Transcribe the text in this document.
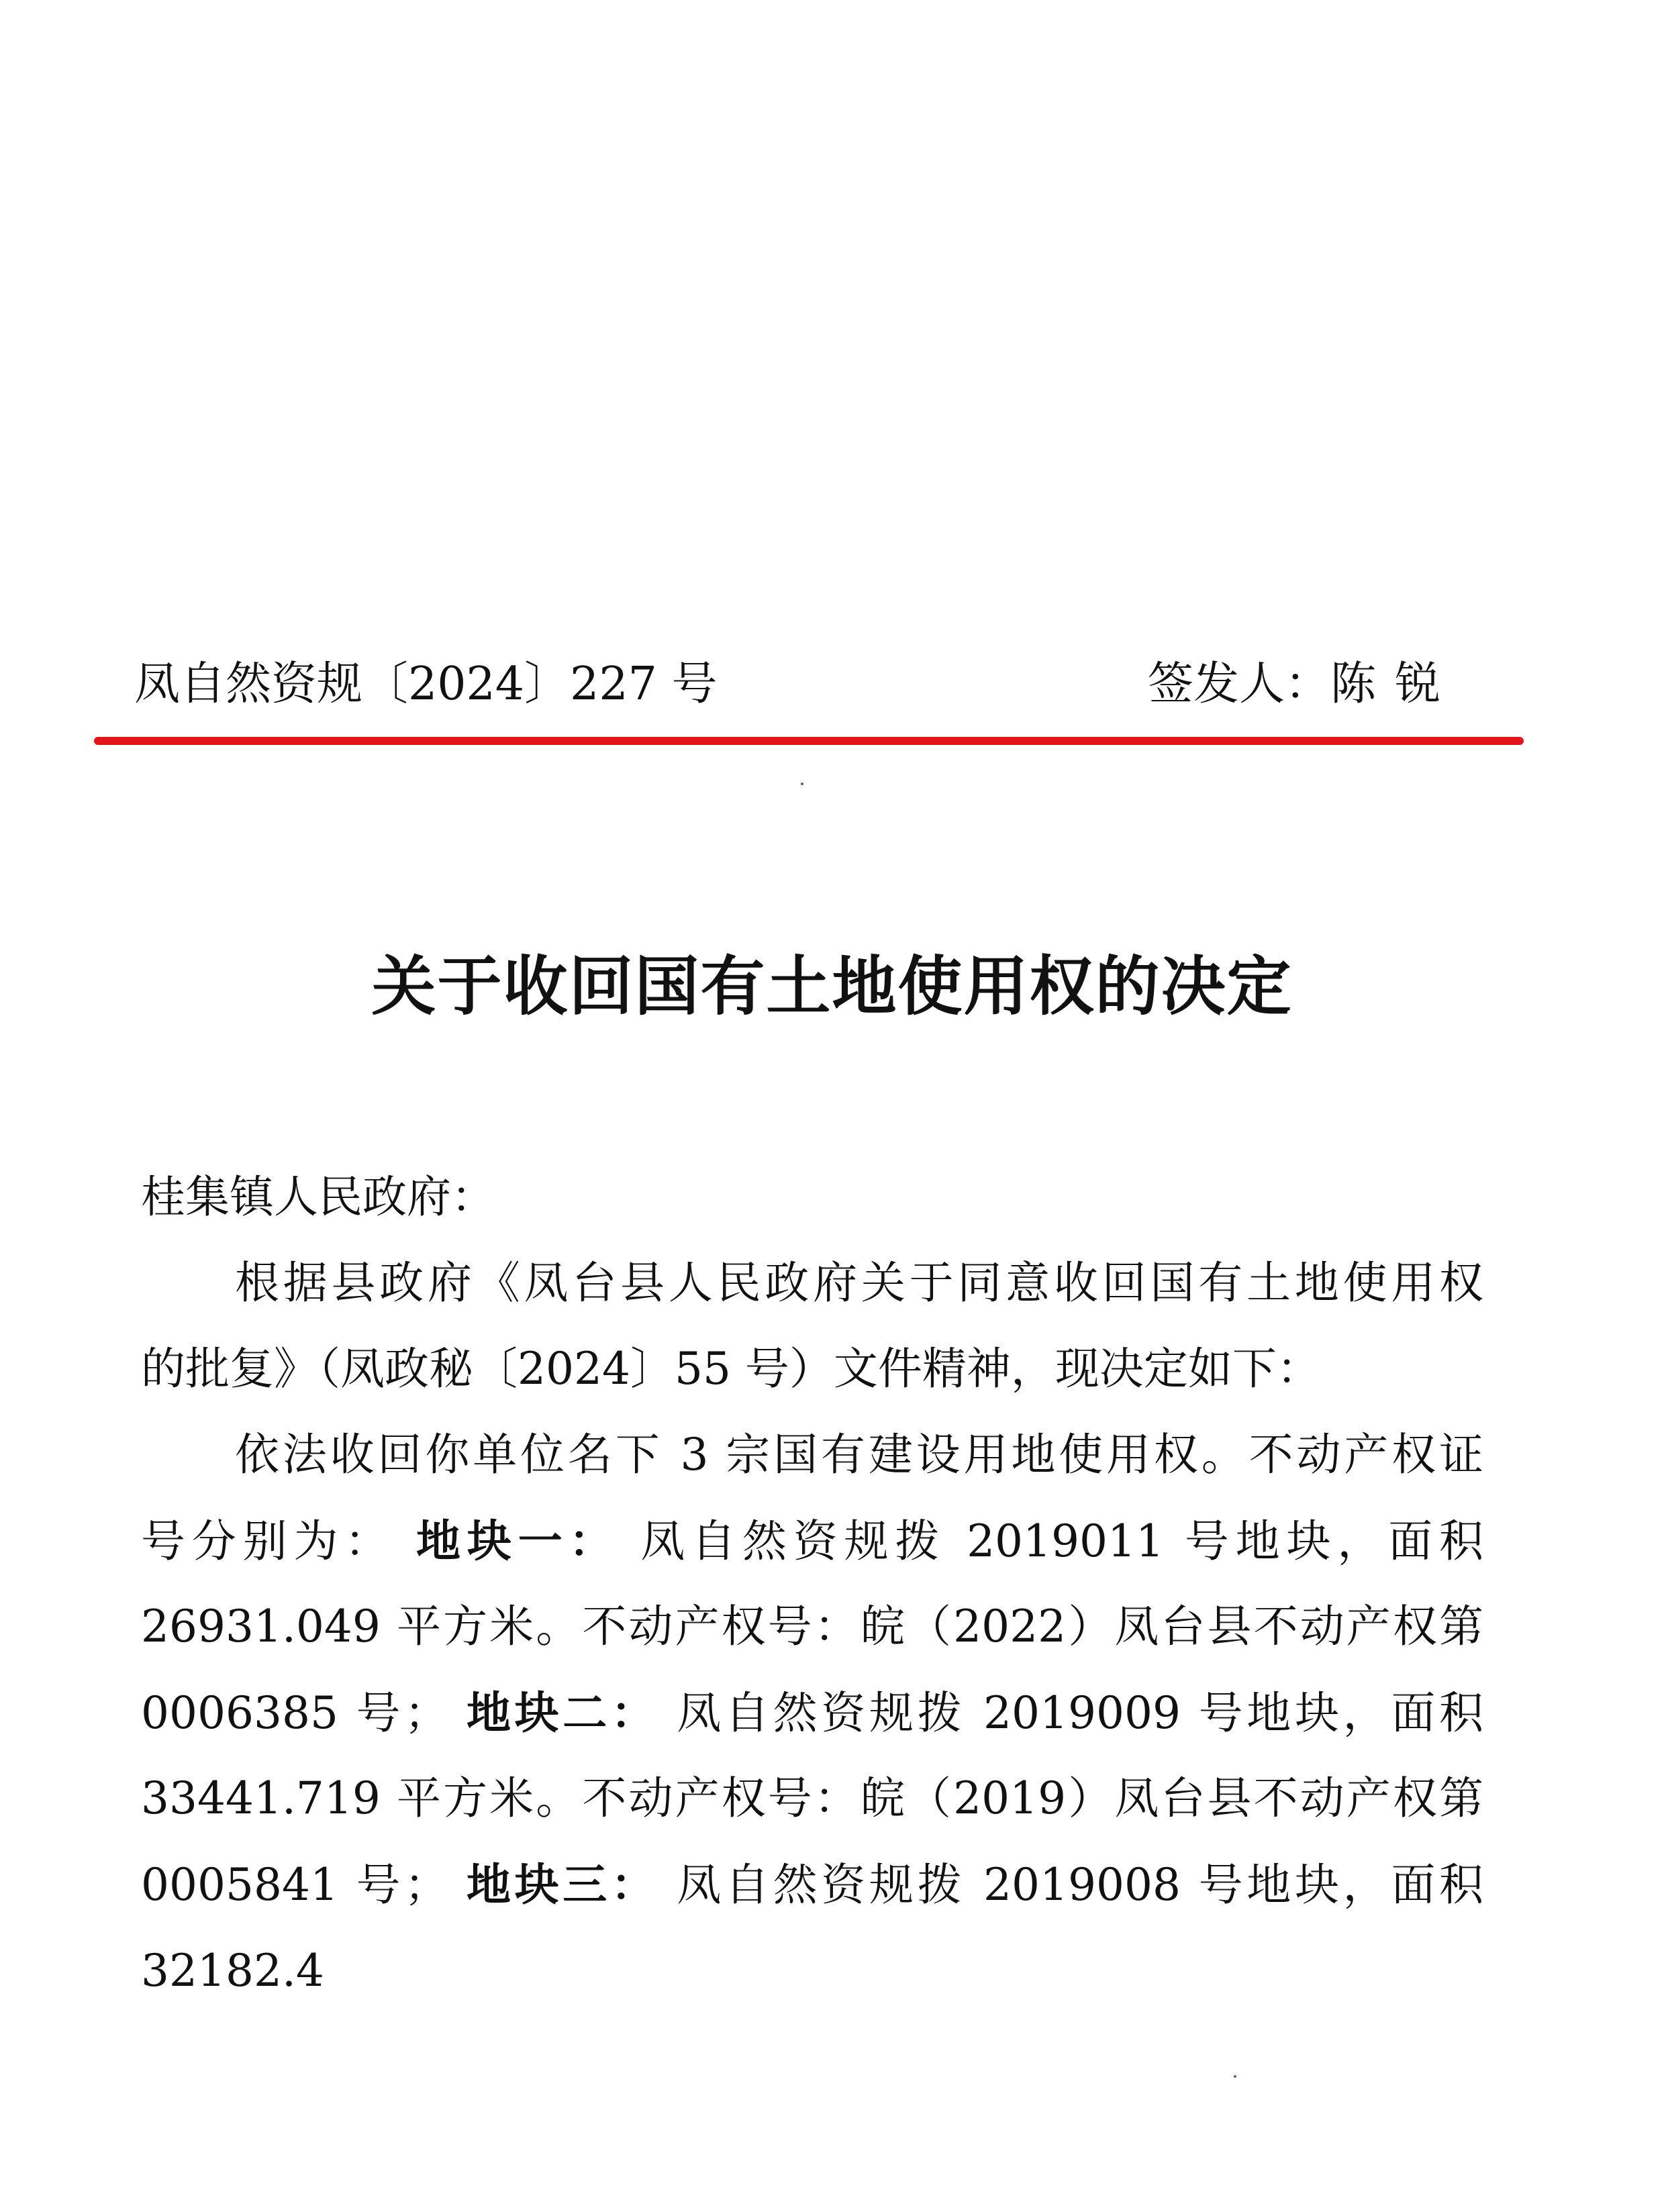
凤自然资规〔2024〕227 号	签发人：陈锐
关于收回国有土地使用权的决定
桂集镇人民政府：
根据县政府《凤台县人民政府关于同意收回国有土地使用权
的批复》（凤政秘〔2024〕55 号）文件精神，现决定如下：
依法收回你单位名下 3 宗国有建设用地使用权。不动产权证
号分别为： 地块一： 凤自然资规拨 2019011 号地块，面积
26931.049 平方米。不动产权号：皖（2022）凤台县不动产权第
0006385 号； 地块二： 凤自然资规拨 2019009 号地块，面积
33441.719 平方米。不动产权号：皖（2019）凤台县不动产权第
0005841 号； 地块三： 凤自然资规拨 2019008 号地块，面积 32182.4
